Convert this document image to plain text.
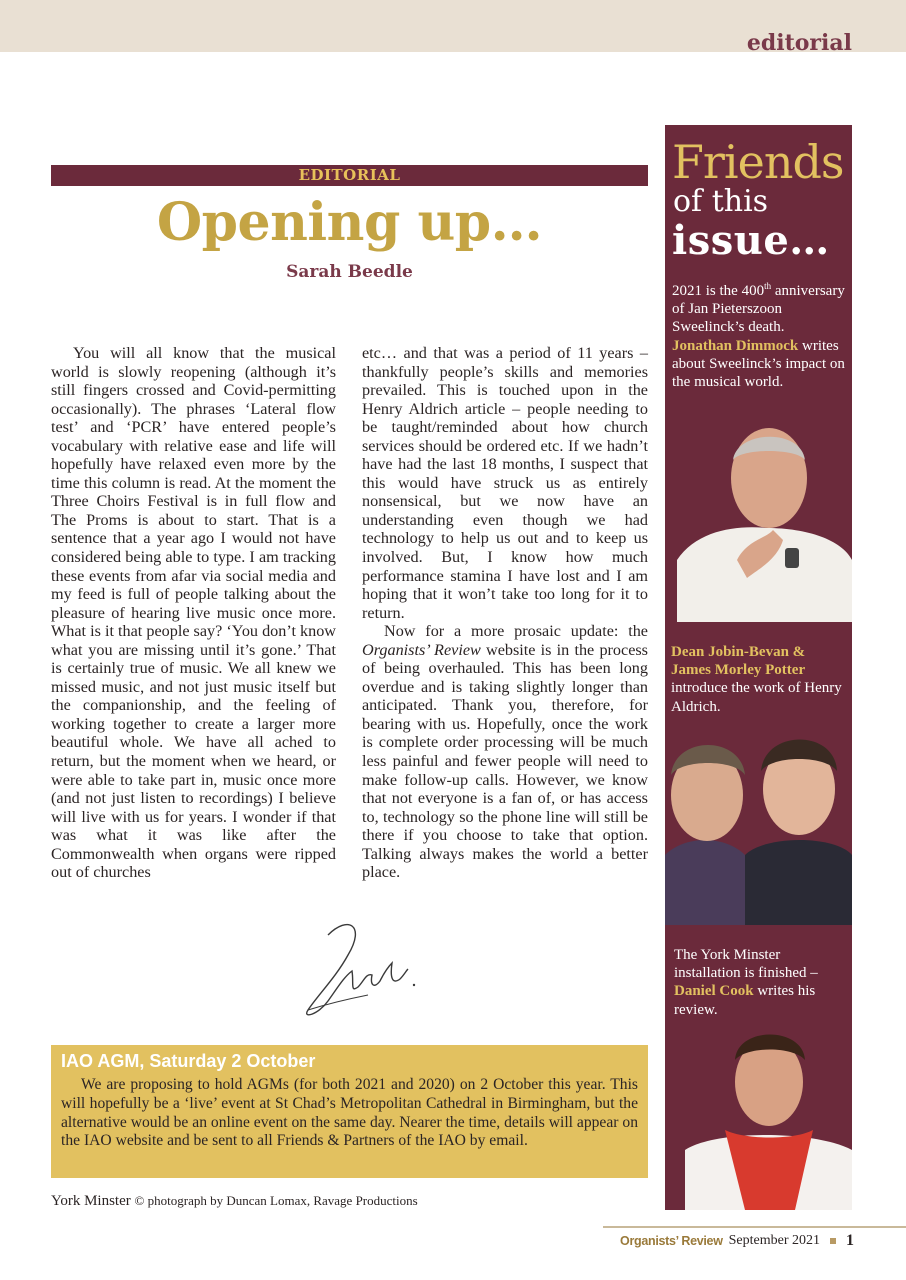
editorial
EDITORIAL
Opening up…
Sarah Beedle

You will all know that the musical world is slowly reopening (although it’s still fingers crossed and Covid-permitting occasionally). The phrases ‘Lateral flow test’ and ‘PCR’ have entered people’s vocabulary with relative ease and life will hopefully have relaxed even more by the time this column is read. At the moment the Three Choirs Festival is in full flow and The Proms is about to start. That is a sentence that a year ago I would not have considered being able to type. I am tracking these events from afar via social media and my feed is full of people talking about the pleasure of hearing live music once more. What is it that people say? ‘You don’t know what you are missing until it’s gone.’ That is certainly true of music. We all knew we missed music, and not just music itself but the companionship, and the feeling of working together to create a larger more beautiful whole. We have all ached to return, but the moment when we heard, or were able to take part in, music once more (and not just listen to recordings) I believe will live with us for years. I wonder if that was what it was like after the Commonwealth when organs were ripped out of churches

etc… and that was a period of 11 years – thankfully people’s skills and memories prevailed. This is touched upon in the Henry Aldrich article – people needing to be taught/reminded about how church services should be ordered etc. If we hadn’t have had the last 18 months, I suspect that this would have struck us as entirely nonsensical, but we now have an understanding even though we had technology to help us out and to keep us involved. But, I know how much performance stamina I have lost and I am hoping that it won’t take too long for it to return.

Now for a more prosaic update: the Organists’ Review website is in the process of being overhauled. This has been long overdue and is taking slightly longer than anticipated. Thank you, therefore, for bearing with us. Hopefully, once the work is complete order processing will be much less painful and fewer people will need to make follow-up calls. However, we know that not everyone is a fan of, or has access to, technology so the phone line will still be there if you choose to take that option. Talking always makes the world a better place.

IAO AGM, Saturday 2 October

We are proposing to hold AGMs (for both 2021 and 2020) on 2 October this year. This will hopefully be a ‘live’ event at St Chad’s Metropolitan Cathedral in Birmingham, but the alternative would be an online event on the same day. Nearer the time, details will appear on the IAO website and be sent to all Friends & Partners of the IAO by email.

York Minster © photograph by Duncan Lomax, Ravage Productions
Organists’ Review September 2021 1
Friends
of this
issue…
2021 is the 400th anniversary of Jan Pieterszoon Sweelinck’s death. Jonathan Dimmock writes about Sweelinck’s impact on the musical world.
Dean Jobin-Bevan & James Morley Potter introduce the work of Henry Aldrich.
The York Minster installation is finished – Daniel Cook writes his review.
